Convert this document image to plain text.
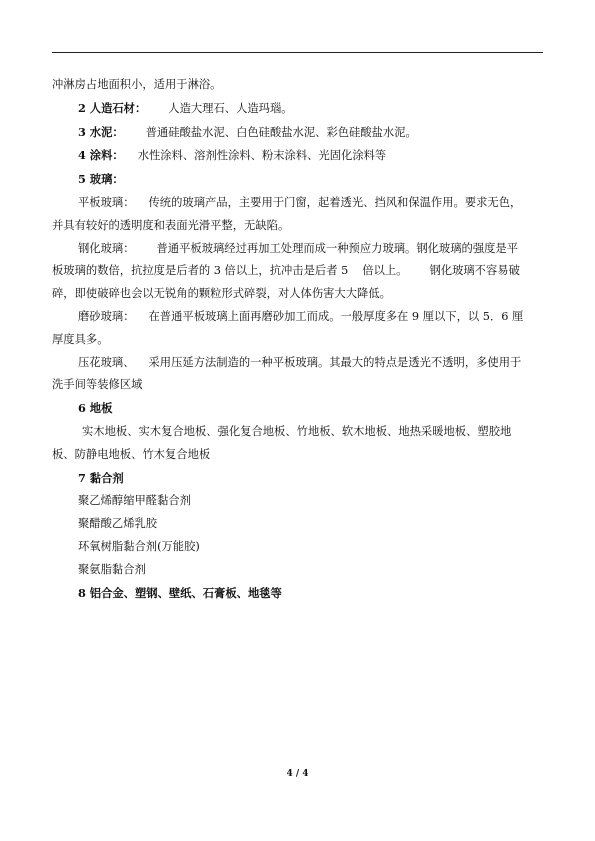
冲淋房占地面积小，适用于淋浴。

2 人造石材： 人造大理石、人造玛瑙。

3 水泥： 普通硅酸盐水泥、白色硅酸盐水泥、彩色硅酸盐水泥。

4 涂料： 水性涂料、溶剂性涂料、粉末涂料、光固化涂料等

5 玻璃：

平板玻璃： 传统的玻璃产品，主要用于门窗，起着透光、挡风和保温作用。要求无色，

并具有较好的透明度和表面光滑平整，无缺陷。

钢化玻璃： 普通平板玻璃经过再加工处理而成一种预应力玻璃。钢化玻璃的强度是平

板玻璃的数倍，抗拉度是后者的 3 倍以上，抗冲击是后者 5 倍以上。 钢化玻璃不容易破

碎，即使破碎也会以无锐角的颗粒形式碎裂，对人体伤害大大降低。

磨砂玻璃： 在普通平板玻璃上面再磨砂加工而成。一般厚度多在 9 厘以下，以 5．6 厘

厚度具多。

压花玻璃、 采用压延方法制造的一种平板玻璃。其最大的特点是透光不透明，多使用于

洗手间等装修区域

6 地板

实木地板、实木复合地板、强化复合地板、竹地板、软木地板、地热采暖地板、塑胶地

板、防静电地板、竹木复合地板

7 黏合剂

聚乙烯醇缩甲醛黏合剂

聚醋酸乙烯乳胶

环氧树脂黏合剂(万能胶)

聚氨脂黏合剂

8 铝合金、塑钢、壁纸、石膏板、地毯等

4 / 4
